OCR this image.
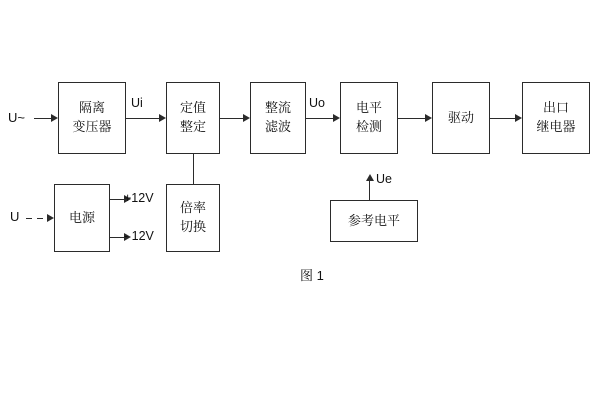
隔离
变压器
定值
整定
整流
滤波
电平
检测
驱动
出口
继电器
电源
倍率
切换	参考电平
U~
Ui	Uo
U
+12V
- 12V
Ue
图 1
